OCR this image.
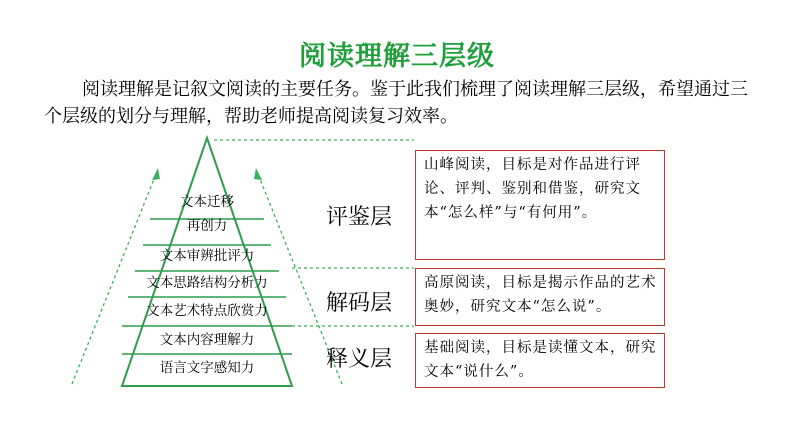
阅读理解三层级
阅读理解是记叙文阅读的主要任务。鉴于此我们梳理了阅读理解三层级，希望通过三个层级的划分与理解，帮助老师提高阅读复习效率。
文本迁移
再创力
文本审辨批评力
文本思路结构分析力
文本艺术特点欣赏力
文本内容理解力
语言文字感知力
评鉴层
解码层
释义层
山峰阅读，目标是对作品进行评论、评判、鉴别和借鉴，研究文本“怎么样”与“有何用”。
高原阅读，目标是揭示作品的艺术奥妙，研究文本“怎么说”。
基础阅读，目标是读懂文本，研究文本“说什么”。
